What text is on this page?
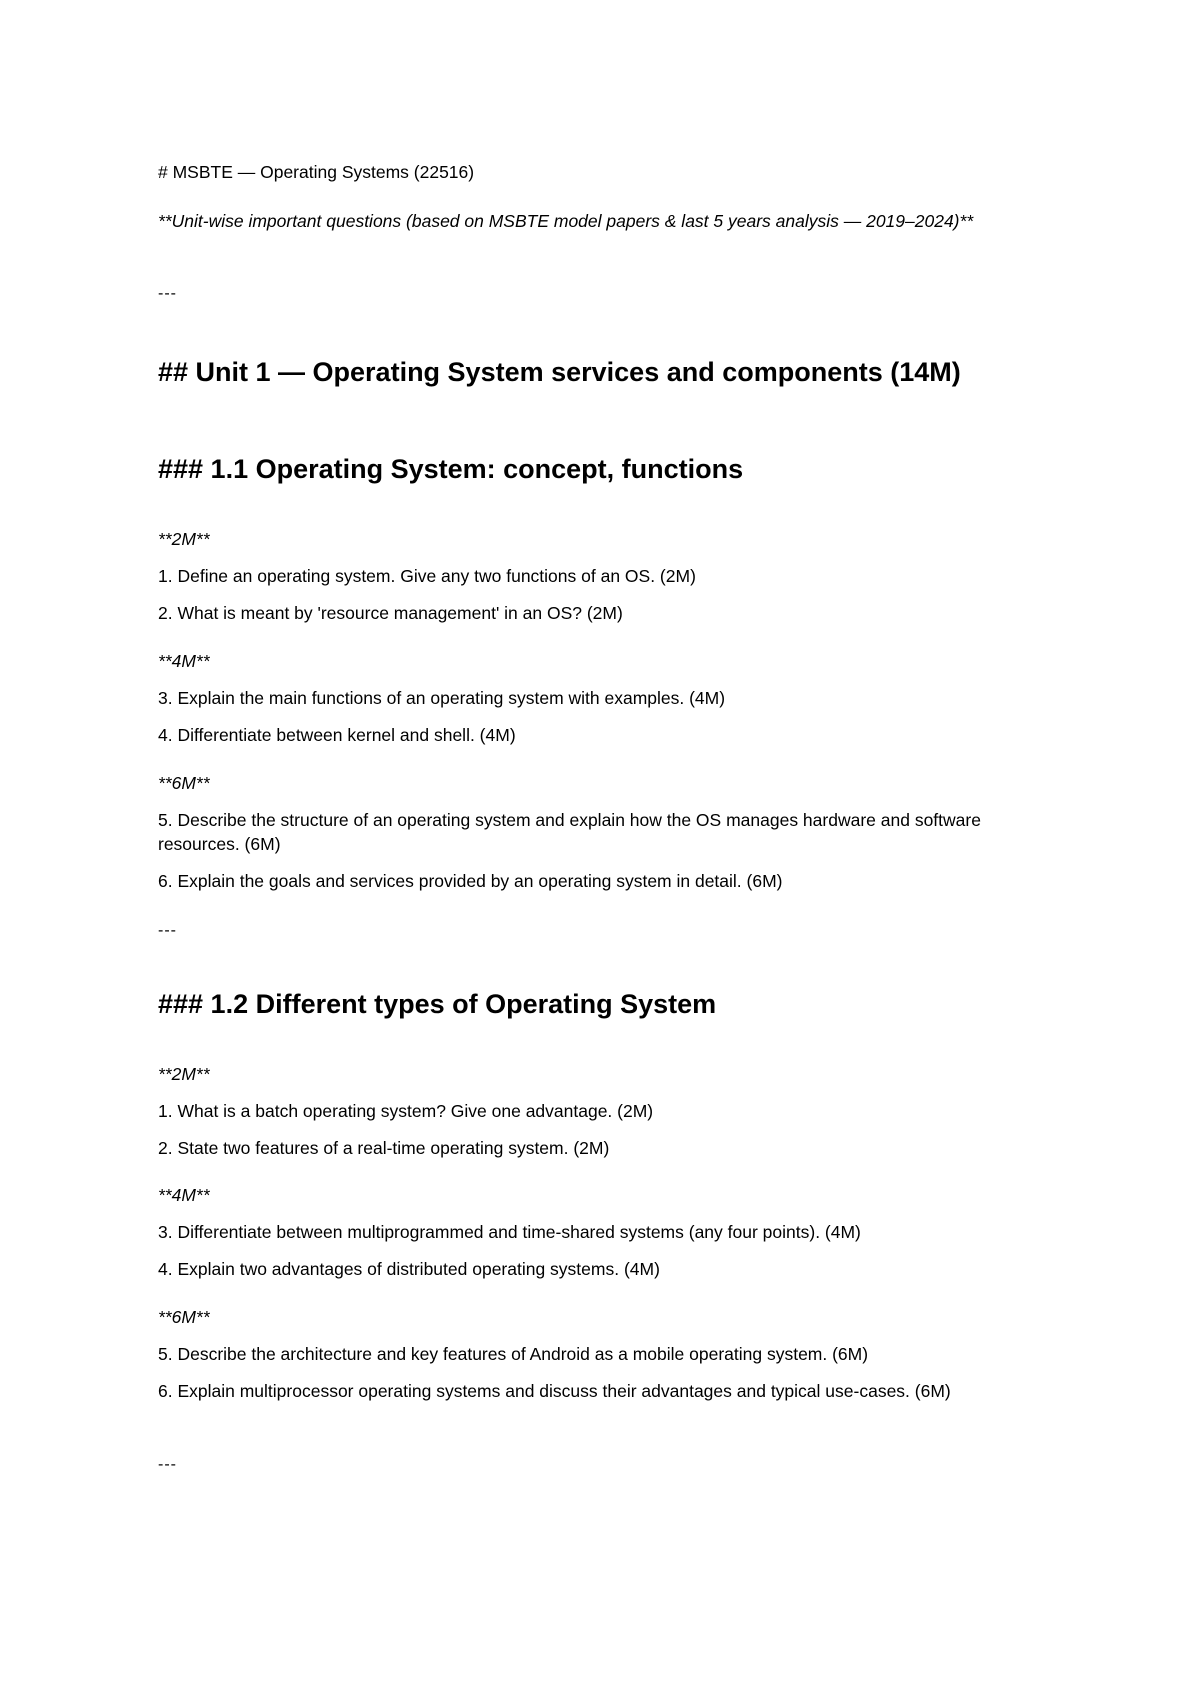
# MSBTE — Operating Systems (22516)

**Unit-wise important questions (based on MSBTE model papers & last 5 years analysis — 2019–2024)**

---

## Unit 1 — Operating System services and components (14M)
### 1.1 Operating System: concept, functions

**2M**

1. Define an operating system. Give any two functions of an OS. (2M)

2. What is meant by 'resource management' in an OS? (2M)

**4M**

3. Explain the main functions of an operating system with examples. (4M)

4. Differentiate between kernel and shell. (4M)

**6M**

5. Describe the structure of an operating system and explain how the OS manages hardware and software resources. (6M)

6. Explain the goals and services provided by an operating system in detail. (6M)

---

### 1.2 Different types of Operating System

**2M**

1. What is a batch operating system? Give one advantage. (2M)

2. State two features of a real-time operating system. (2M)

**4M**

3. Differentiate between multiprogrammed and time-shared systems (any four points). (4M)

4. Explain two advantages of distributed operating systems. (4M)

**6M**

5. Describe the architecture and key features of Android as a mobile operating system. (6M)

6. Explain multiprocessor operating systems and discuss their advantages and typical use-cases. (6M)

---
